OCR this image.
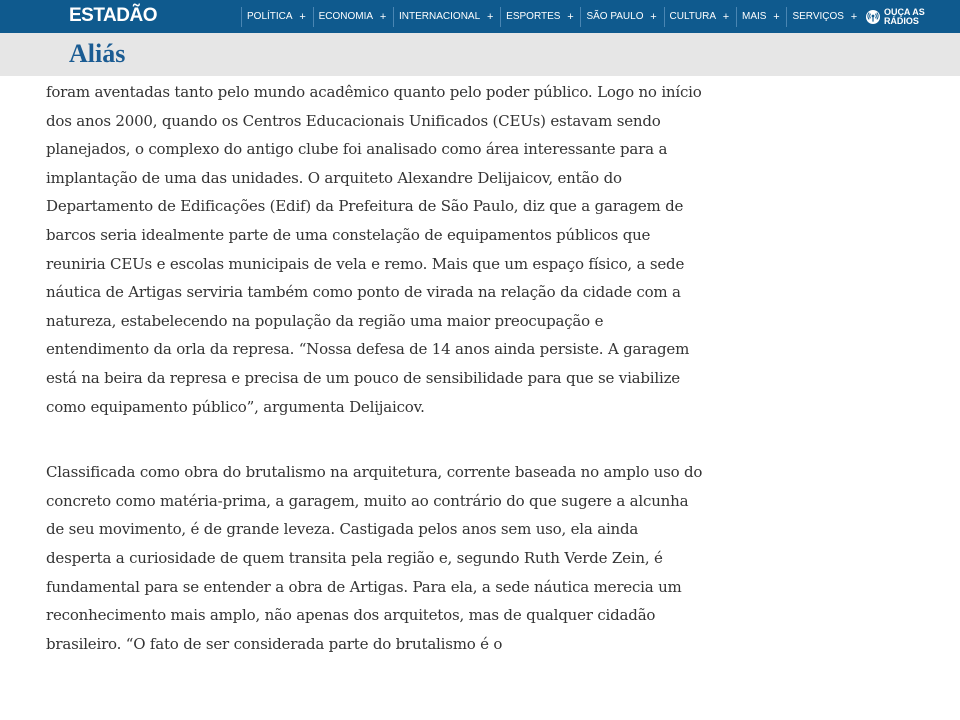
ESTADÃO	POLÍTICA +	ECONOMIA +	INTERNACIONAL +	ESPORTES +	SÃO PAULO +	CULTURA +	MAIS +	SERVIÇOS +	OUÇA AS
RÁDIOS
Aliás

foram aventadas tanto pelo mundo acadêmico quanto pelo poder público. Logo no início dos anos 2000, quando os Centros Educacionais Unificados (CEUs) estavam sendo planejados, o complexo do antigo clube foi analisado como área interessante para a implantação de uma das unidades. O arquiteto Alexandre Delijaicov, então do Departamento de Edificações (Edif) da Prefeitura de São Paulo, diz que a garagem de barcos seria idealmente parte de uma constelação de equipamentos públicos que reuniria CEUs e escolas municipais de vela e remo. Mais que um espaço físico, a sede náutica de Artigas serviria também como ponto de virada na relação da cidade com a natureza, estabelecendo na população da região uma maior preocupação e entendimento da orla da represa. “Nossa defesa de 14 anos ainda persiste. A garagem está na beira da represa e precisa de um pouco de sensibilidade para que se viabilize como equipamento público”, argumenta Delijaicov.

Classificada como obra do brutalismo na arquitetura, corrente baseada no amplo uso do concreto como matéria-prima, a garagem, muito ao contrário do que sugere a alcunha de seu movimento, é de grande leveza. Castigada pelos anos sem uso, ela ainda desperta a curiosidade de quem transita pela região e, segundo Ruth Verde Zein, é fundamental para se entender a obra de Artigas. Para ela, a sede náutica merecia um reconhecimento mais amplo, não apenas dos arquitetos, mas de qualquer cidadão brasileiro. “O fato de ser considerada parte do brutalismo é o
